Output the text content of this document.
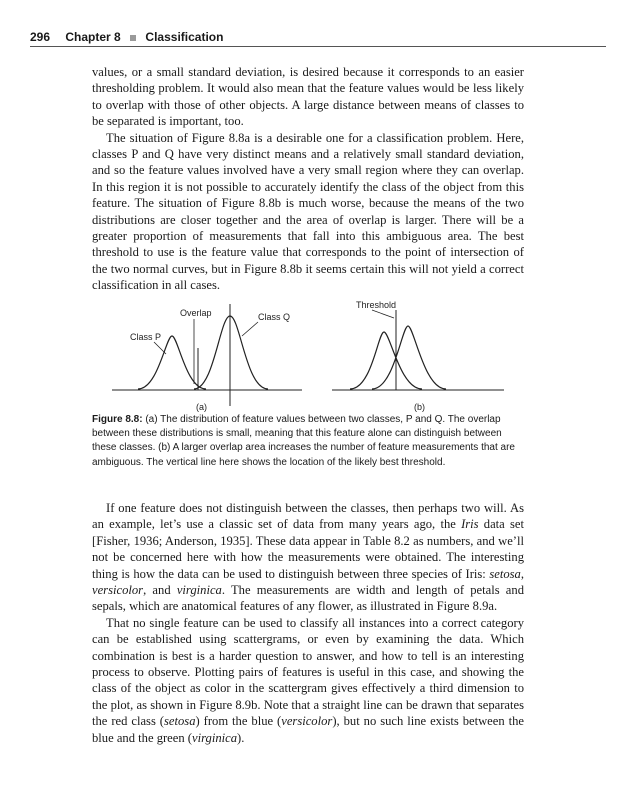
296 Chapter 8 Classification

values, or a small standard deviation, is desired because it corresponds to an easier thresholding problem. It would also mean that the feature values would be less likely to overlap with those of other objects. A large distance between means of classes to be separated is important, too.

The situation of Figure 8.8a is a desirable one for a classification problem. Here, classes P and Q have very distinct means and a relatively small standard deviation, and so the feature values involved have a very small region where they can overlap. In this region it is not possible to accurately identify the class of the object from this feature. The situation of Figure 8.8b is much worse, because the means of the two distributions are closer together and the area of overlap is larger. There will be a greater proportion of measurements that fall into this ambiguous area. The best threshold to use is the feature value that corresponds to the point of intersection of the two normal curves, but in Figure 8.8b it seems certain this will not yield a correct classification in all cases.

Class P
Overlap	Class Q
(a)
Threshold
(b)
Figure 8.8: (a) The distribution of feature values between two classes, P and Q. The overlap between these distributions is small, meaning that this feature alone can distinguish between these classes. (b) A larger overlap area increases the number of feature measurements that are ambiguous. The vertical line here shows the location of the likely best threshold.

If one feature does not distinguish between the classes, then perhaps two will. As an example, let’s use a classic set of data from many years ago, the Iris data set [Fisher, 1936; Anderson, 1935]. These data appear in Table 8.2 as numbers, and we’ll not be concerned here with how the measurements were obtained. The interesting thing is how the data can be used to distinguish between three species of Iris: setosa, versicolor, and virginica. The measurements are width and length of petals and sepals, which are anatomical features of any flower, as illustrated in Figure 8.9a.

That no single feature can be used to classify all instances into a correct category can be established using scattergrams, or even by examining the data. Which combination is best is a harder question to answer, and how to tell is an interesting process to observe. Plotting pairs of features is useful in this case, and showing the class of the object as color in the scattergram gives effectively a third dimension to the plot, as shown in Figure 8.9b. Note that a straight line can be drawn that separates the red class (setosa) from the blue (versicolor), but no such line exists between the blue and the green (virginica).
